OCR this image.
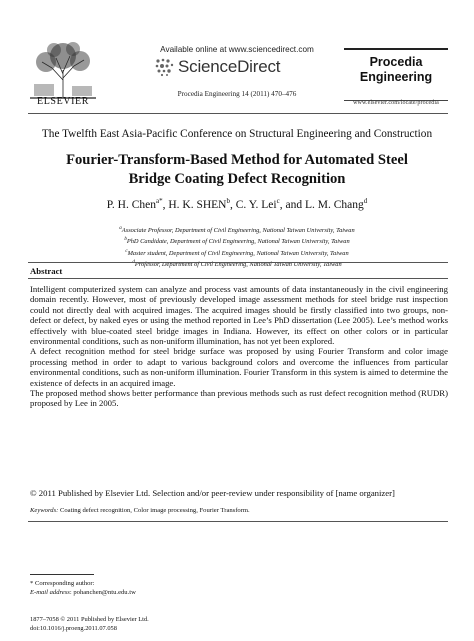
ELSEVIER
Available online at www.sciencedirect.com
ScienceDirect
Procedia Engineering 14 (2011) 470–476
Procedia
Engineering
www.elsevier.com/locate/procedia
The Twelfth East Asia-Pacific Conference on Structural Engineering and Construction
Fourier-Transform-Based Method for Automated Steel
Bridge Coating Defect Recognition
P. H. Chen$^{a*}$, H. K. SHEN$^b$, C. Y. Lei$^c$, and L. M. Chang$^d$
$^a$Associate Professor, Department of Civil Engineering, National Taiwan University, Taiwan
$^b$PhD Candidate, Department of Civil Engineering, National Taiwan University, Taiwan
$^c$Master student, Department of Civil Engineering, National Taiwan University, Taiwan
$^d$Professor, Department of Civil Engineering, National Taiwan University, Taiwan
Abstract

Intelligent computerized system can analyze and process vast amounts of data instantaneously in the civil engineering domain recently. However, most of previously developed image assessment methods for steel bridge rust inspection could not directly deal with acquired images. The acquired images should be firstly classified into two groups, non-defect or defect, by naked eyes or using the method reported in Lee’s PhD dissertation (Lee 2005). Lee’s method works effectively with blue-coated steel bridge images in Indiana. However, its effect on other colors or in particular environmental conditions, such as non-uniform illumination, has not yet been explored.

A defect recognition method for steel bridge surface was proposed by using Fourier Transform and color image processing method in order to adapt to various background colors and overcome the influences from particular environmental conditions, such as non-uniform illumination. Fourier Transform in this system is aimed to determine the existence of defects in an acquired image.

The proposed method shows better performance than previous methods such as rust defect recognition method (RUDR) proposed by Lee in 2005.

© 2011 Published by Elsevier Ltd. Selection and/or peer-review under responsibility of [name organizer]
Keywords: Coating defect recognition, Color image processing, Fourier Transform.
* Corresponding author:
E-mail address: pohanchen@ntu.edu.tw
1877–7058 © 2011 Published by Elsevier Ltd.
doi:10.1016/j.proeng.2011.07.058
